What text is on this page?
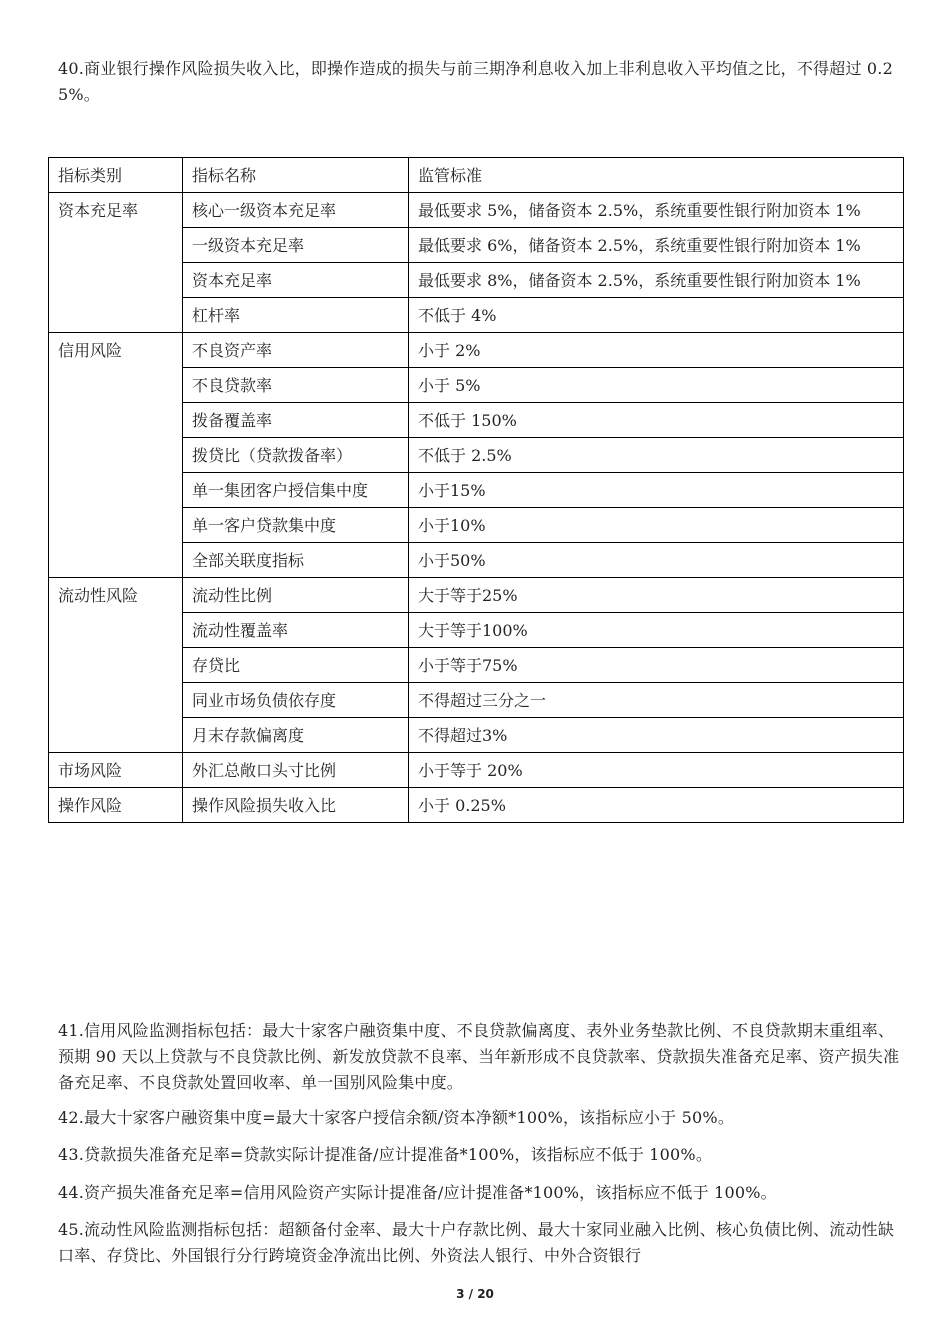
40.商业银行操作风险损失收入比，即操作造成的损失与前三期净利息收入加上非利息收入平均值之比，不得超过 0.25%。

指标类别	指标名称	监管标准
资本充足率	核心一级资本充足率	最低要求 5%，储备资本 2.5%，系统重要性银行附加资本 1%
	一级资本充足率	最低要求 6%，储备资本 2.5%，系统重要性银行附加资本 1%
	资本充足率	最低要求 8%，储备资本 2.5%，系统重要性银行附加资本 1%
	杠杆率	不低于 4%
信用风险	不良资产率	小于 2%
	不良贷款率	小于 5%
	拨备覆盖率	不低于 150%
	拨贷比（贷款拨备率）	不低于 2.5%
	单一集团客户授信集中度	小于15%
	单一客户贷款集中度	小于10%
	全部关联度指标	小于50%
流动性风险	流动性比例	大于等于25%
	流动性覆盖率	大于等于100%
	存贷比	小于等于75%
	同业市场负债依存度	不得超过三分之一
	月末存款偏离度	不得超过3%
市场风险	外汇总敞口头寸比例	小于等于 20%
操作风险	操作风险损失收入比	小于 0.25%

41.信用风险监测指标包括：最大十家客户融资集中度、不良贷款偏离度、表外业务垫款比例、不良贷款期末重组率、预期 90 天以上贷款与不良贷款比例、新发放贷款不良率、当年新形成不良贷款率、贷款损失准备充足率、资产损失准备充足率、不良贷款处置回收率、单一国别风险集中度。

42.最大十家客户融资集中度=最大十家客户授信余额/资本净额*100%，该指标应小于 50%。

43.贷款损失准备充足率=贷款实际计提准备/应计提准备*100%，该指标应不低于 100%。

44.资产损失准备充足率=信用风险资产实际计提准备/应计提准备*100%，该指标应不低于 100%。

45.流动性风险监测指标包括：超额备付金率、最大十户存款比例、最大十家同业融入比例、核心负债比例、流动性缺口率、存贷比、外国银行分行跨境资金净流出比例、外资法人银行、中外合资银行

3 / 20
